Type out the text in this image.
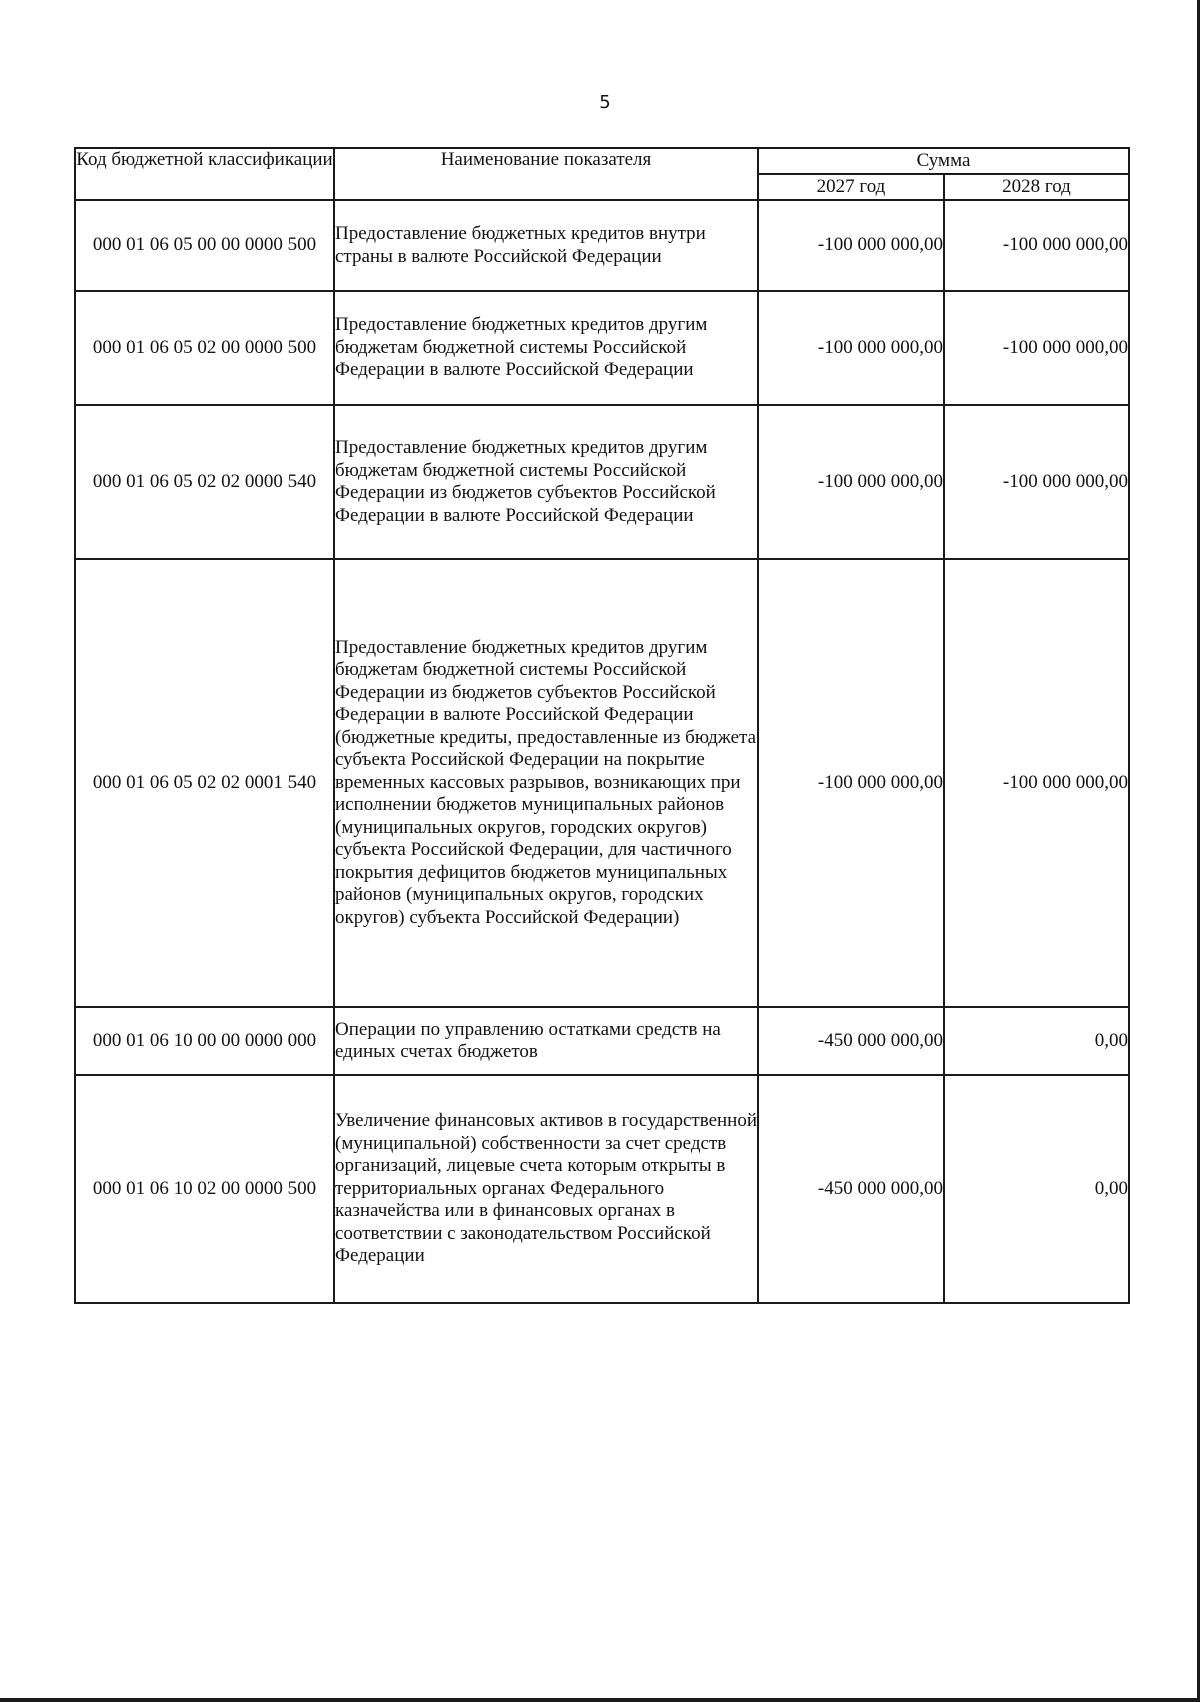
5
Код бюджетной классификации	Наименование показателя	Сумма	
		2027 год	2028 год
000 01 06 05 00 00 0000 500	Предоставление бюджетных кредитов внутри страны в валюте Российской Федерации	-100 000 000,00	-100 000 000,00
000 01 06 05 02 00 0000 500	Предоставление бюджетных кредитов другим бюджетам бюджетной системы Российской Федерации в валюте Российской Федерации	-100 000 000,00	-100 000 000,00
000 01 06 05 02 02 0000 540	Предоставление бюджетных кредитов другим бюджетам бюджетной системы Российской Федерации из бюджетов субъектов Российской Федерации в валюте Российской Федерации	-100 000 000,00	-100 000 000,00
000 01 06 05 02 02 0001 540	Предоставление бюджетных кредитов другим бюджетам бюджетной системы Российской Федерации из бюджетов субъектов Российской Федерации в валюте Российской Федерации (бюджетные кредиты, предоставленные из бюджета субъекта Российской Федерации на покрытие временных кассовых разрывов, возникающих при исполнении бюджетов муниципальных районов (муниципальных округов, городских округов) субъекта Российской Федерации, для частичного покрытия дефицитов бюджетов муниципальных районов (муниципальных округов, городских округов) субъекта Российской Федерации)	-100 000 000,00	-100 000 000,00
000 01 06 10 00 00 0000 000	Операции по управлению остатками средств на единых счетах бюджетов	-450 000 000,00	0,00
000 01 06 10 02 00 0000 500	Увеличение финансовых активов в государственной (муниципальной) собственности за счет средств организаций, лицевые счета которым открыты в территориальных органах Федерального казначейства или в финансовых органах в соответствии с законодательством Российской Федерации	-450 000 000,00	0,00
